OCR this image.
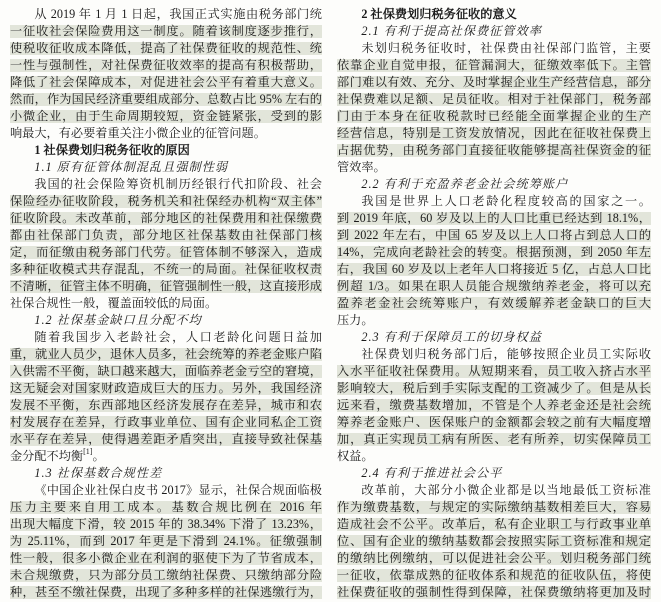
从 2019 年 1 月 1 日起，我国正式实施由税务部门统
一征收社会保险费用这一制度。随着该制度逐步推行，
使税收征收成本降低，提高了社保费征收的规范性、统
一性与强制性，对社保费征收效率的提高有积极帮助，
降低了社会保障成本，对促进社会公平有着重大意义。
然而，作为国民经济重要组成部分、总数占比 95% 左右的
小微企业，由于生命周期较短，资金链紧张，受到的影
响最大，有必要着重关注小微企业的征管问题。
1 社保费划归税务征收的原因
1.1 原有征管体制混乱且强制性弱
我国的社会保险筹资机制历经银行代扣阶段、社会
保险经办征收阶段，税务机关和社保经办机构“双主体”
征收阶段。未改革前，部分地区的社保费用和社保缴费
都由社保部门负责，部分地区社保基数由社保部门核
定，而征缴由税务部门代劳。征管体制不够深入，造成
多种征收模式共存混乱，不统一的局面。社保征收权责
不清晰，征管主体不明确，征管强制性一般，这直接形成
社保合规性一般，覆盖面较低的局面。
1.2 社保基金缺口且分配不均
随着我国步入老龄社会，人口老龄化问题日益加
重，就业人员少，退休人员多，社会统筹的养老金账户陷
入供需不平衡，缺口越来越大，面临养老金亏空的窘境，
这无疑会对国家财政造成巨大的压力。另外，我国经济
发展不平衡，东西部地区经济发展存在差异，城市和农
村发展存在差异，行政事业单位、国有企业同私企工资
水平存在差异，使得遇差距矛盾突出，直接导致社保基
金分配不均衡[1]。
1.3 社保基数合规性差
《中国企业社保白皮书 2017》显示，社保合规面临极
压力主要来自用工成本。基数合规比例在 2016 年
出现大幅度下滑，较 2015 年的 38.34% 下滑了 13.23%，
为 25.11%，而到 2017 年更是下滑到 24.1%。征缴强制
性一般，很多小微企业在利润的驱使下为了节省成本，
未合规缴费，只为部分员工缴纳社保费、只缴纳部分险
种，甚至不缴社保费，出现了多种多样的社保逃缴行为，
2 社保费划归税务征收的意义
2.1 有利于提高社保费征管效率
未划归税务征收时，社保费由社保部门监管，主要
依靠企业自觉申报，征管漏洞大，征缴效率低下。主管
部门难以有效、充分、及时掌握企业生产经营信息，部分
社保费难以足额、足员征收。相对于社保部门，税务部
门由于本身在征收税款时已经能全面掌握企业的生产
经营信息，特别是工资发放情况，因此在征收社保费上
占据优势，由税务部门直接征收能够提高社保资金的征
管效率。
2.2 有利于充盈养老金社会统筹账户
我国是世界上人口老龄化程度较高的国家之一。
到 2019 年底，60 岁及以上的人口比重已经达到 18.1%，
到 2022 年左右，中国 65 岁及以上人口将占到总人口的
14%，完成向老龄社会的转变。根据预测，到 2050 年左
右，我国 60 岁及以上老年人口将接近 5 亿，占总人口比
例超 1/3。如果在职人员能合规缴纳养老金，将可以充
盈养老金社会统筹账户，有效缓解养老金缺口的巨大
压力。
2.3 有利于保障员工的切身权益
社保费划归税务部门后，能够按照企业员工实际收
入水平征收社保费用。从短期来看，员工收入挤占水平
影响较大，税后到手实际支配的工资减少了。但是从长
远来看，缴费基数增加，不管是个人养老金还是社会统
筹养老金账户、医保账户的金额都会较之前有大幅度增
加，真正实现员工病有所医、老有所养，切实保障员工
权益。
2.4 有利于推进社会公平
改革前，大部分小微企业都是以当地最低工资标准
作为缴费基数，与规定的实际缴纳基数相差巨大，容易
造成社会不公平。改革后，私有企业职工与行政事业单
位、国有企业的缴纳基数都会按照实际工资标准和规定
的缴纳比例缴纳，可以促进社会公平。划归税务部门统
一征收，依靠成熟的征收体系和规范的征收队伍，将使
社保费征收的强制性得到保障，社保费缴纳将更加及时
